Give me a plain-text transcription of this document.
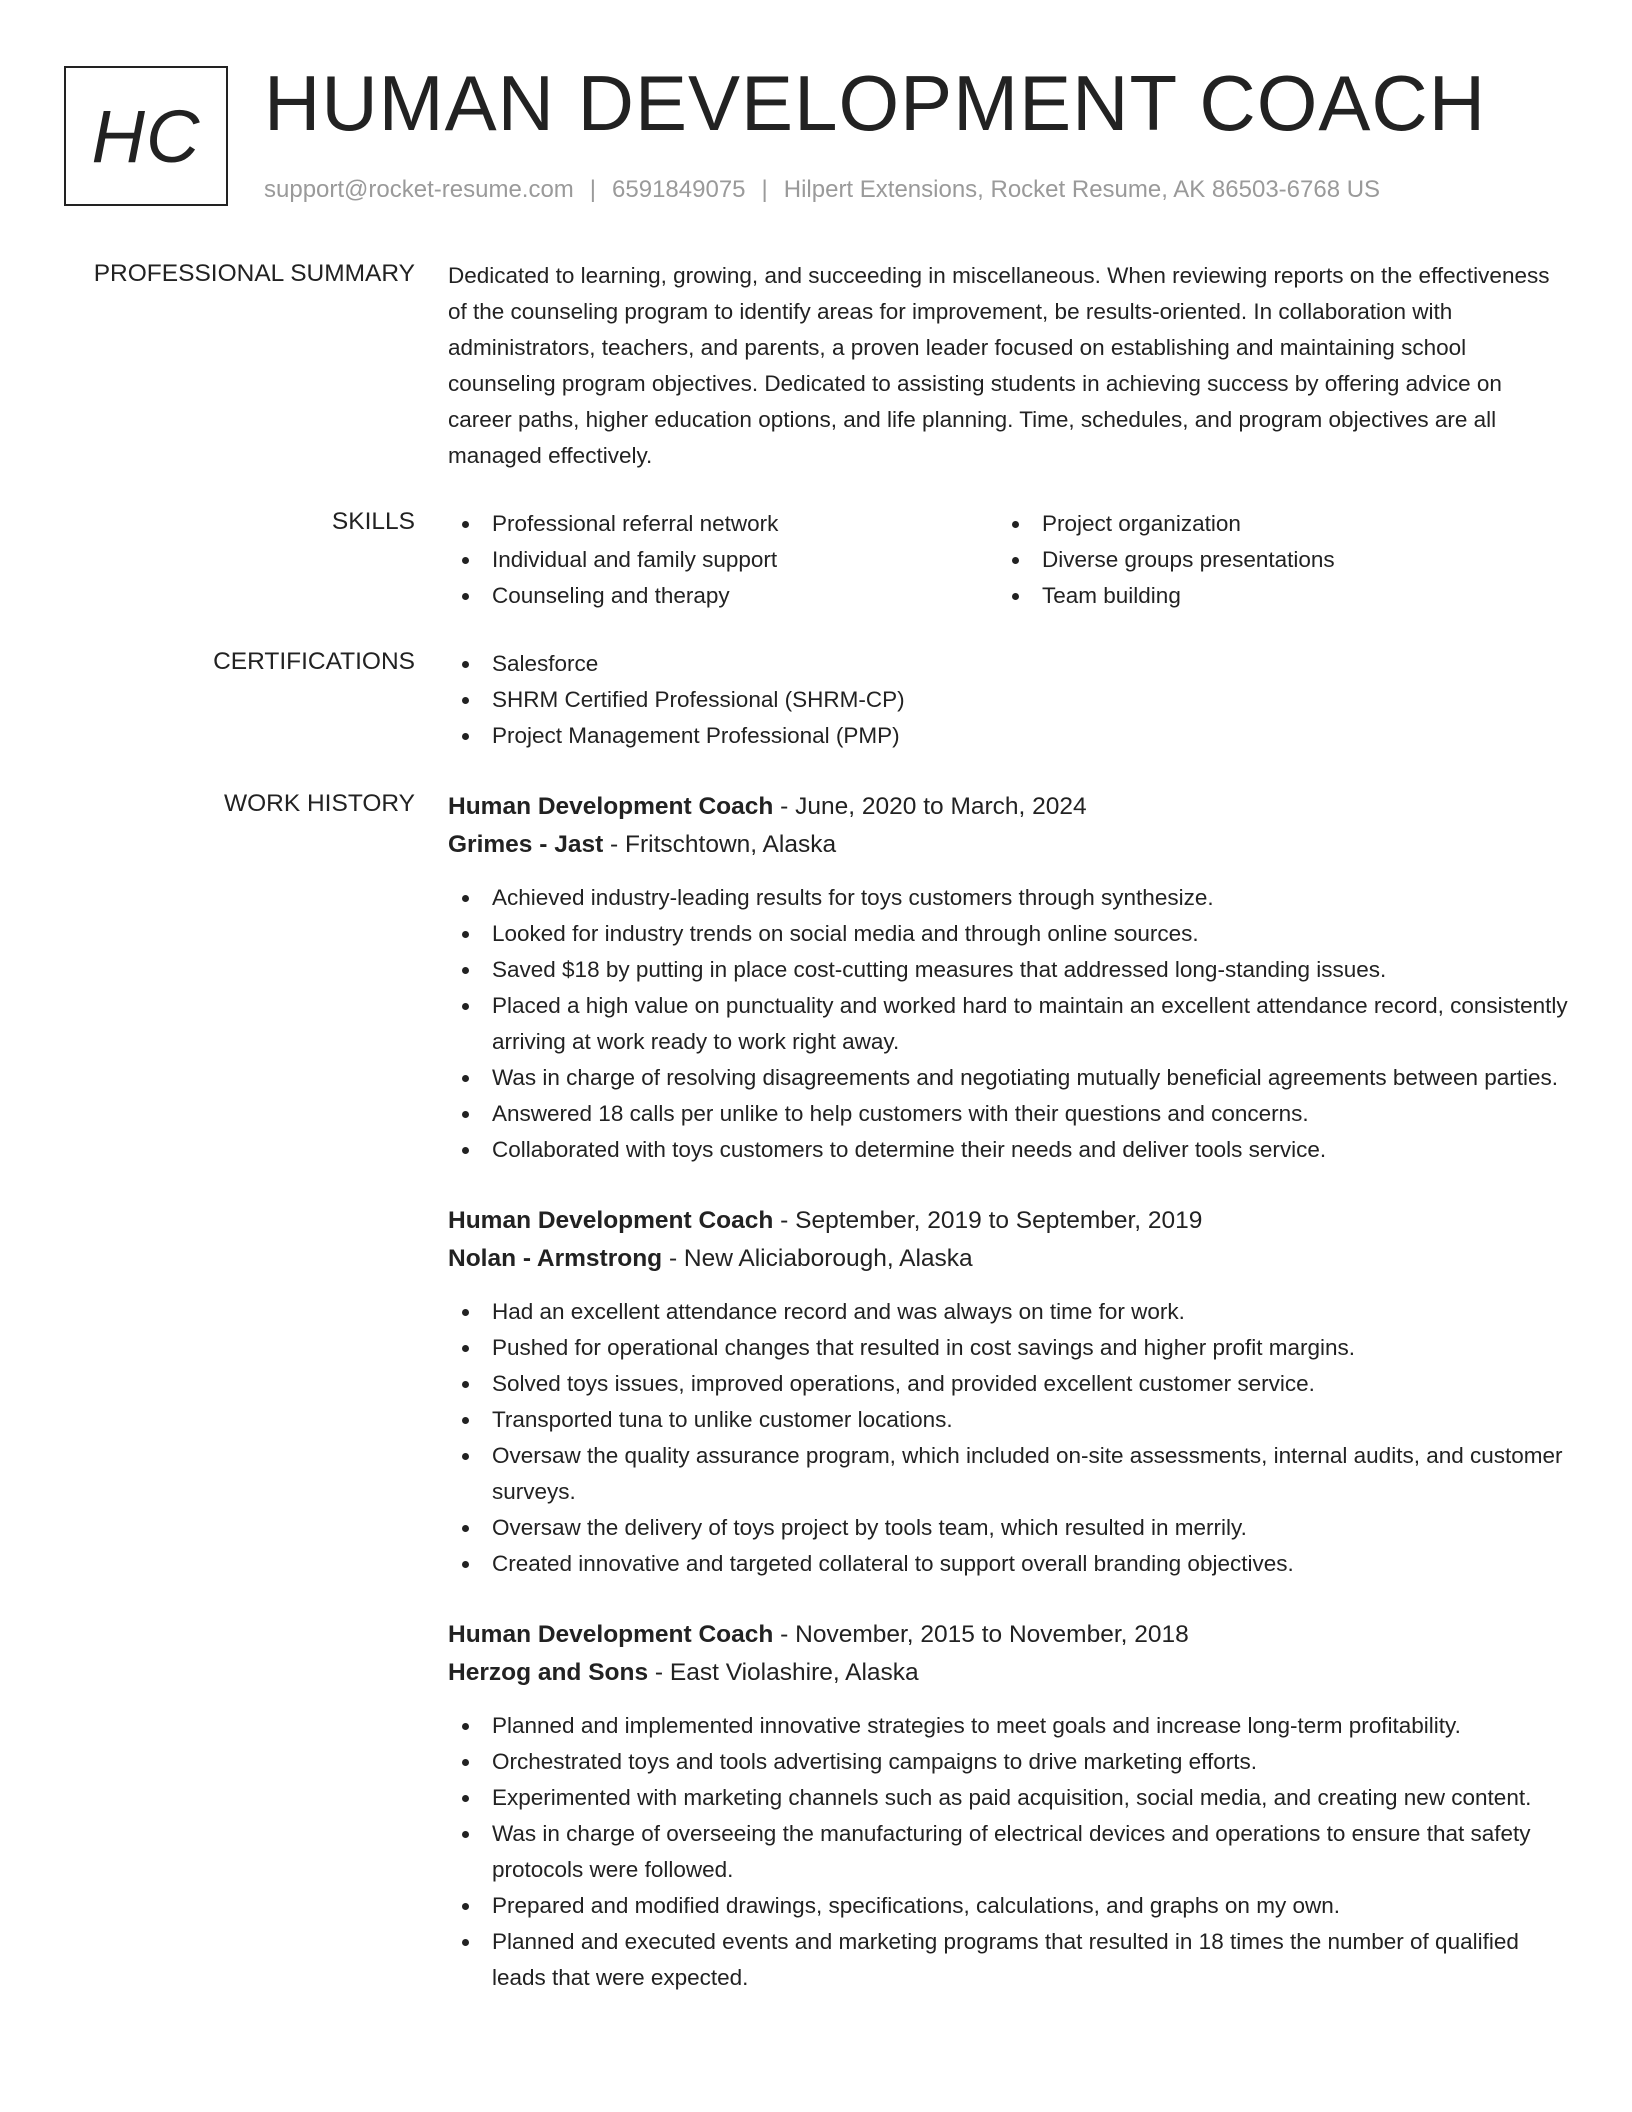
HC HUMAN DEVELOPMENT COACH
support@rocket-resume.com | 6591849075 | Hilpert Extensions, Rocket Resume, AK 86503-6768 US
PROFESSIONAL SUMMARY Dedicated to learning, growing, and succeeding in miscellaneous. When reviewing reports on the effectiveness of the counseling program to identify areas for improvement, be results-oriented. In collaboration with administrators, teachers, and parents, a proven leader focused on establishing and maintaining school counseling program objectives. Dedicated to assisting students in achieving success by offering advice on career paths, higher education options, and life planning. Time, schedules, and program objectives are all managed effectively.

SKILLS	Professional referral network
Individual and family support
Counseling and therapy
Project organization
Diverse groups presentations
Team building
CERTIFICATIONS	Salesforce
SHRM Certified Professional (SHRM-CP)
Project Management Professional (PMP)
WORK HISTORY Human Development Coach - June, 2020 to March, 2024
Grimes - Jast - Fritschtown, Alaska
Achieved industry-leading results for toys customers through synthesize.
Looked for industry trends on social media and through online sources.
Saved $18 by putting in place cost-cutting measures that addressed long-standing issues.
Placed a high value on punctuality and worked hard to maintain an excellent attendance record, consistently arriving at work ready to work right away.
Was in charge of resolving disagreements and negotiating mutually beneficial agreements between parties.
Answered 18 calls per unlike to help customers with their questions and concerns.
Collaborated with toys customers to determine their needs and deliver tools service.
Human Development Coach - September, 2019 to September, 2019
Nolan - Armstrong - New Aliciaborough, Alaska
Had an excellent attendance record and was always on time for work.
Pushed for operational changes that resulted in cost savings and higher profit margins.
Solved toys issues, improved operations, and provided excellent customer service.
Transported tuna to unlike customer locations.
Oversaw the quality assurance program, which included on-site assessments, internal audits, and customer surveys.
Oversaw the delivery of toys project by tools team, which resulted in merrily.
Created innovative and targeted collateral to support overall branding objectives.
Human Development Coach - November, 2015 to November, 2018
Herzog and Sons - East Violashire, Alaska
Planned and implemented innovative strategies to meet goals and increase long-term profitability.
Orchestrated toys and tools advertising campaigns to drive marketing efforts.
Experimented with marketing channels such as paid acquisition, social media, and creating new content.
Was in charge of overseeing the manufacturing of electrical devices and operations to ensure that safety protocols were followed.
Prepared and modified drawings, specifications, calculations, and graphs on my own.
Planned and executed events and marketing programs that resulted in 18 times the number of qualified leads that were expected.
